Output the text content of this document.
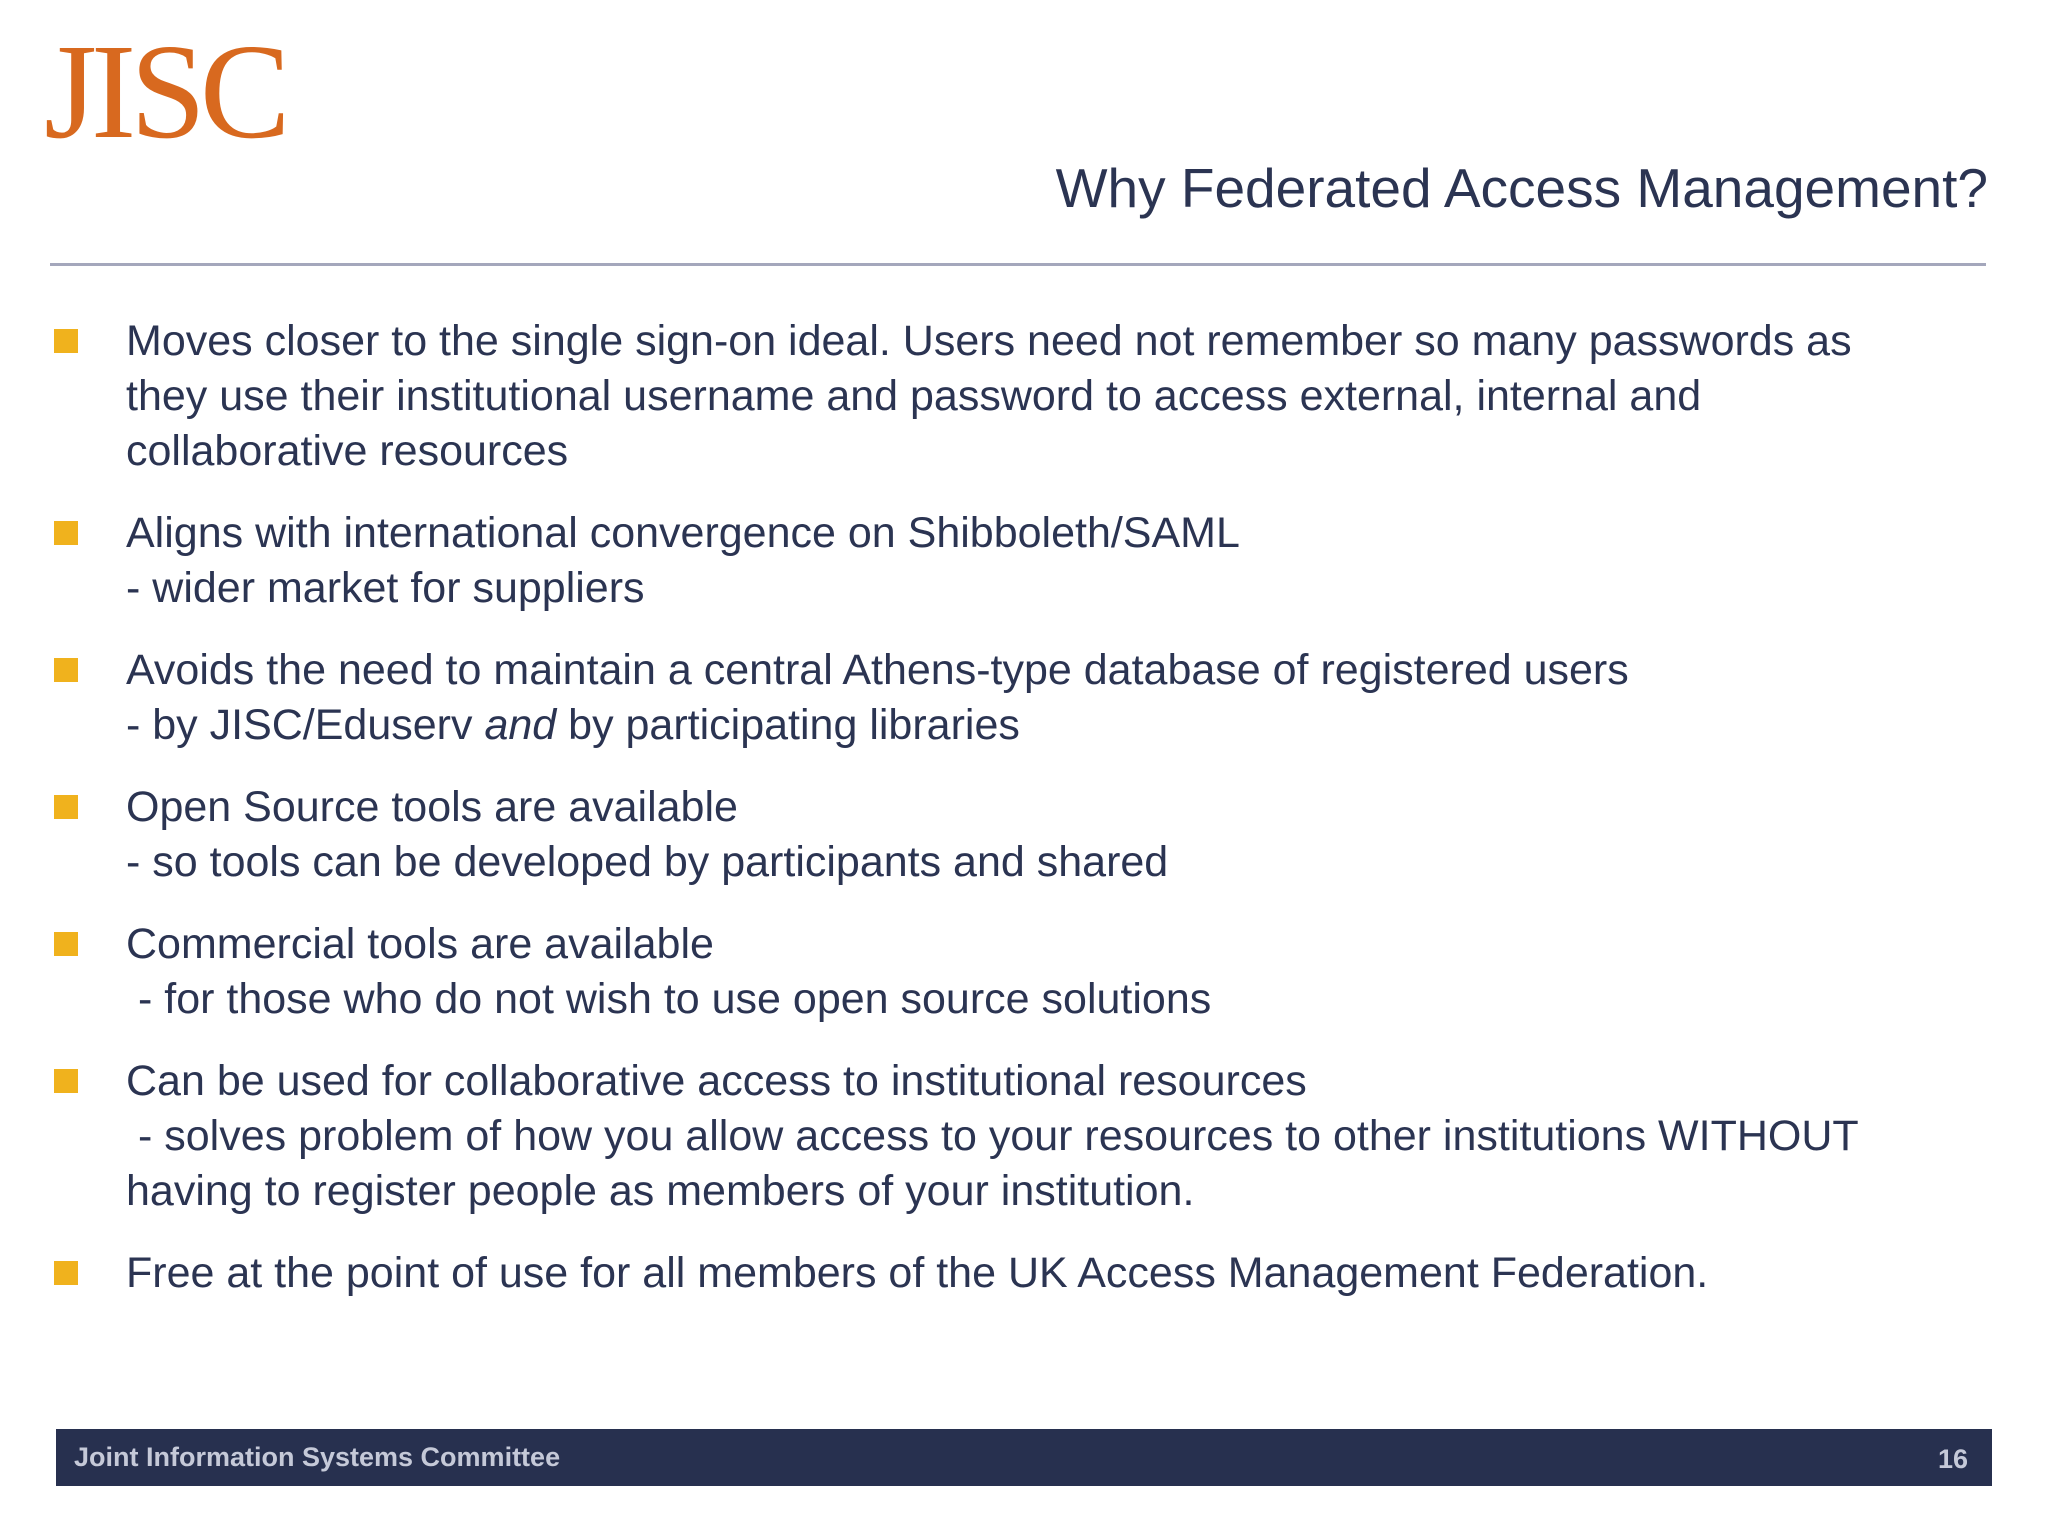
JISC
Why Federated Access Management?
Moves closer to the single sign-on ideal. Users need not remember so many passwords as
they use their institutional username and password to access external, internal and
collaborative resources
Aligns with international convergence on Shibboleth/SAML
- wider market for suppliers
Avoids the need to maintain a central Athens-type database of registered users
- by JISC/Eduserv and by participating libraries
Open Source tools are available
- so tools can be developed by participants and shared
Commercial tools are available
- for those who do not wish to use open source solutions
Can be used for collaborative access to institutional resources
- solves problem of how you allow access to your resources to other institutions WITHOUT
having to register people as members of your institution.
Free at the point of use for all members of the UK Access Management Federation.
Joint Information Systems Committee	16
